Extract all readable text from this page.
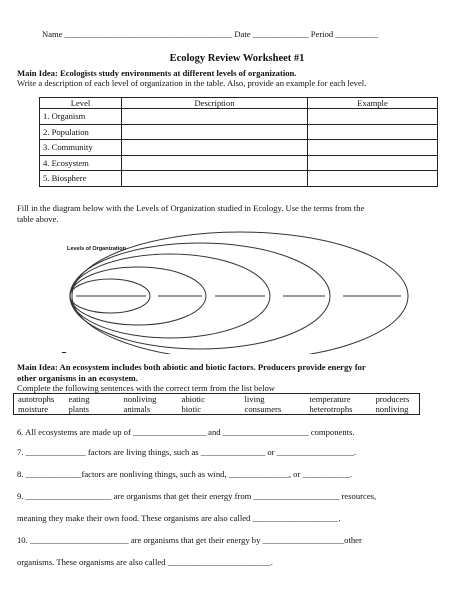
Name _______________________________________ Date _____________ Period __________
Ecology Review Worksheet #1
Main Idea: Ecologists study environments at different levels of organization.
Write a description of each level of organization in the table. Also, provide an example for each level.
Level	Description	Example
1. Organism		
2. Population		
3. Community		
4. Ecosystem		
5. Biosphere		
Fill in the diagram below with the Levels of Organization studied in Ecology. Use the terms from the
table above.
Levels of Organization
Main Idea: An ecosystem includes both abiotic and biotic factors. Producers provide energy for
other organisms in an ecosystem.
Complete the following sentences with the correct term from the list below
autotrophs	eating	nonliving	abiotic	living	temperature	producers
moisture	plants	animals	biotic	consumers	heterotrophs	nonliving
6. All ecosystems are made up of _________________ and ____________________ components.
7. ______________ factors are living things, such as _______________ or __________________.
8. _____________factors are nonliving things, such as wind, ______________, or ___________.
9. ____________________ are organisms that get their energy from ____________________ resources,
meaning they make their own food. These organisms are also called ____________________.
10. _______________________ are organisms that get their energy by ___________________other
organisms. These organisms are also called ________________________.
